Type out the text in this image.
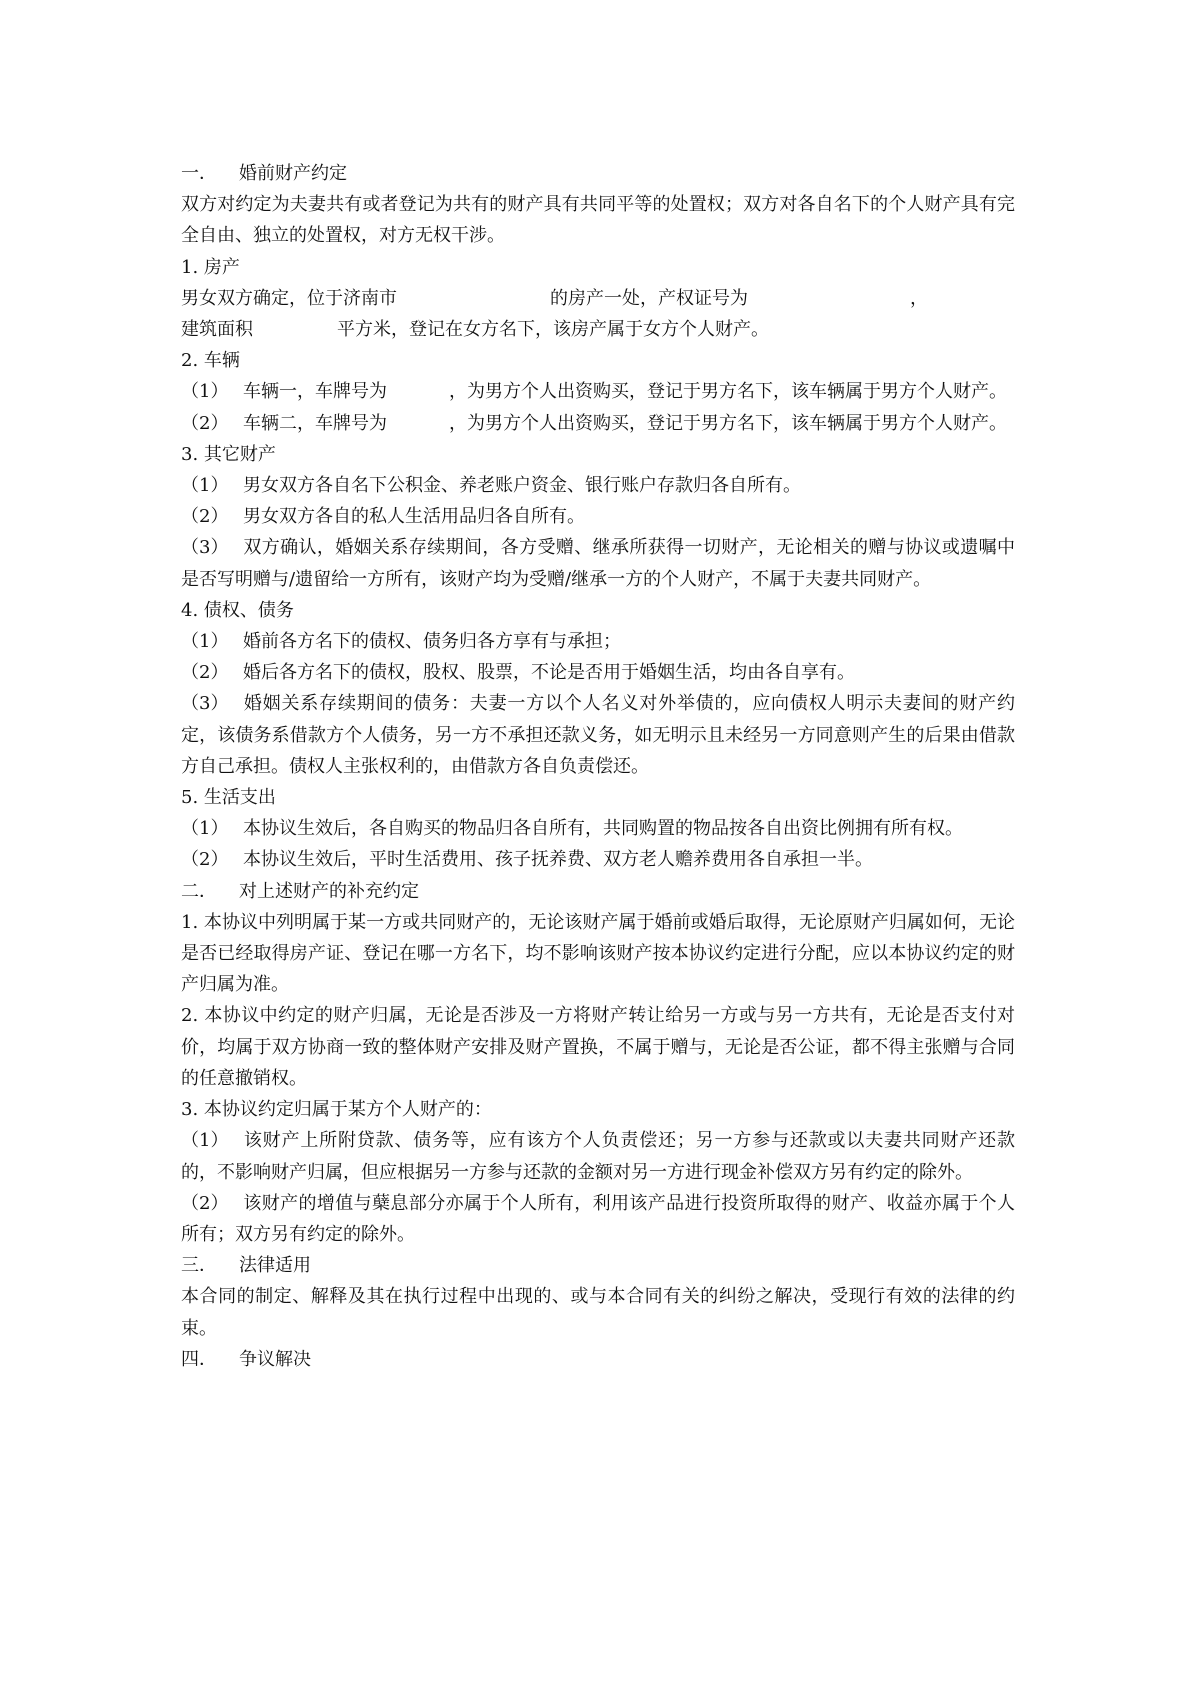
一． 婚前财产约定

双方对约定为夫妻共有或者登记为共有的财产具有共同平等的处置权；双方对各自名下的个人财产具有完全自由、独立的处置权，对方无权干涉。

1. 房产

男女双方确定，位于济南市	的房产一处，产权证号为	，
建筑面积	平方米，登记在女方名下，该房产属于女方个人财产。

2. 车辆

（1） 车辆一，车牌号为	，为男方个人出资购买，登记于男方名下，该车辆属于男方个人财产。

（2） 车辆二，车牌号为	，为男方个人出资购买，登记于男方名下，该车辆属于男方个人财产。

3. 其它财产

（1） 男女双方各自名下公积金、养老账户资金、银行账户存款归各自所有。

（2） 男女双方各自的私人生活用品归各自所有。

（3） 双方确认，婚姻关系存续期间，各方受赠、继承所获得一切财产，无论相关的赠与协议或遗嘱中是否写明赠与/遗留给一方所有，该财产均为受赠/继承一方的个人财产，不属于夫妻共同财产。

4. 债权、债务

（1） 婚前各方名下的债权、债务归各方享有与承担；

（2） 婚后各方名下的债权，股权、股票，不论是否用于婚姻生活，均由各自享有。

（3） 婚姻关系存续期间的债务：夫妻一方以个人名义对外举债的，应向债权人明示夫妻间的财产约定，该债务系借款方个人债务，另一方不承担还款义务，如无明示且未经另一方同意则产生的后果由借款方自己承担。债权人主张权利的，由借款方各自负责偿还。

5. 生活支出

（1） 本协议生效后，各自购买的物品归各自所有，共同购置的物品按各自出资比例拥有所有权。

（2） 本协议生效后，平时生活费用、孩子抚养费、双方老人赡养费用各自承担一半。

二． 对上述财产的补充约定

1. 本协议中列明属于某一方或共同财产的，无论该财产属于婚前或婚后取得，无论原财产归属如何，无论是否已经取得房产证、登记在哪一方名下，均不影响该财产按本协议约定进行分配，应以本协议约定的财产归属为准。

2. 本协议中约定的财产归属，无论是否涉及一方将财产转让给另一方或与另一方共有，无论是否支付对价，均属于双方协商一致的整体财产安排及财产置换，不属于赠与，无论是否公证，都不得主张赠与合同的任意撤销权。

3. 本协议约定归属于某方个人财产的：

（1） 该财产上所附贷款、债务等，应有该方个人负责偿还；另一方参与还款或以夫妻共同财产还款的，不影响财产归属，但应根据另一方参与还款的金额对另一方进行现金补偿双方另有约定的除外。

（2） 该财产的增值与蘖息部分亦属于个人所有，利用该产品进行投资所取得的财产、收益亦属于个人所有；双方另有约定的除外。

三． 法律适用

本合同的制定、解释及其在执行过程中出现的、或与本合同有关的纠纷之解决，受现行有效的法律的约束。

四． 争议解决
